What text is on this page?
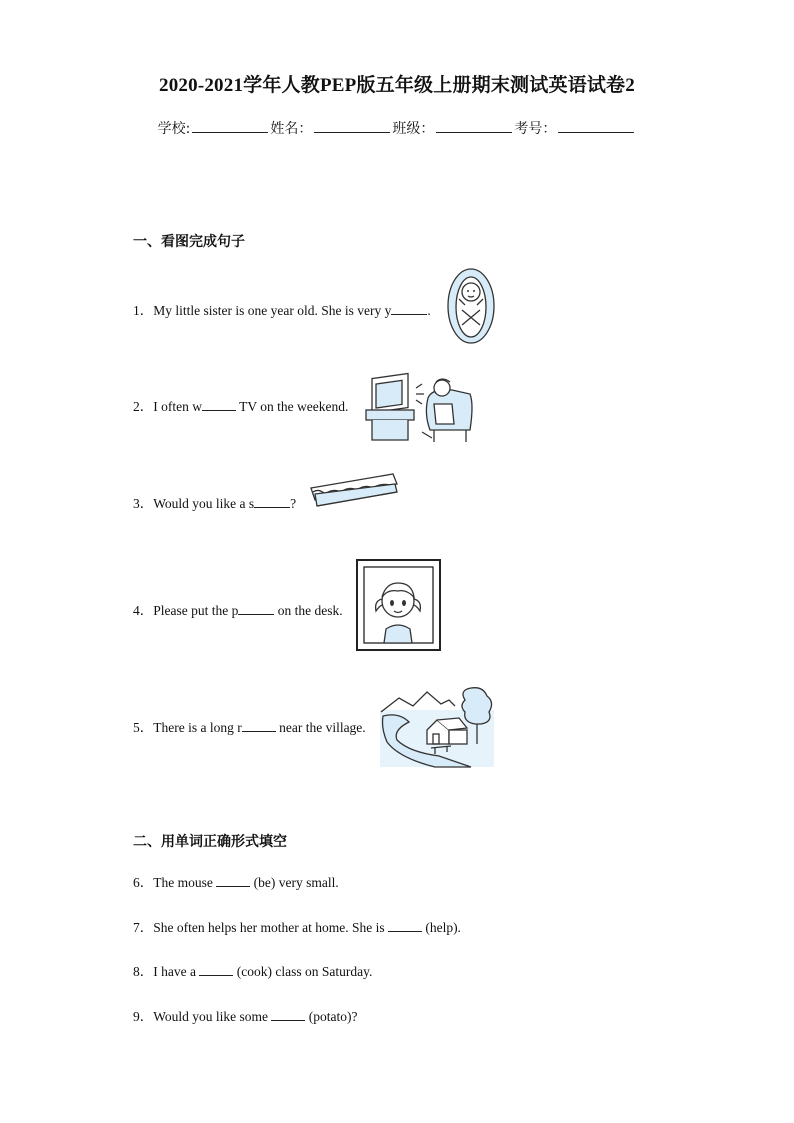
2020-2021学年人教PEP版五年级上册期末测试英语试卷2
学校:	姓名：	班级：	考号：
一、看图完成句子
1．My little sister is one year old. She is very y	.
2．I often w	TV on the weekend.
3．Would you like a s	?
4．Please put the p	on the desk.
5．There is a long r	near the village.
二、用单词正确形式填空
6．The mouse	(be) very small.
7．She often helps her mother at home. She is	(help).
8．I have a	(cook) class on Saturday.
9．Would you like some	(potato)?
